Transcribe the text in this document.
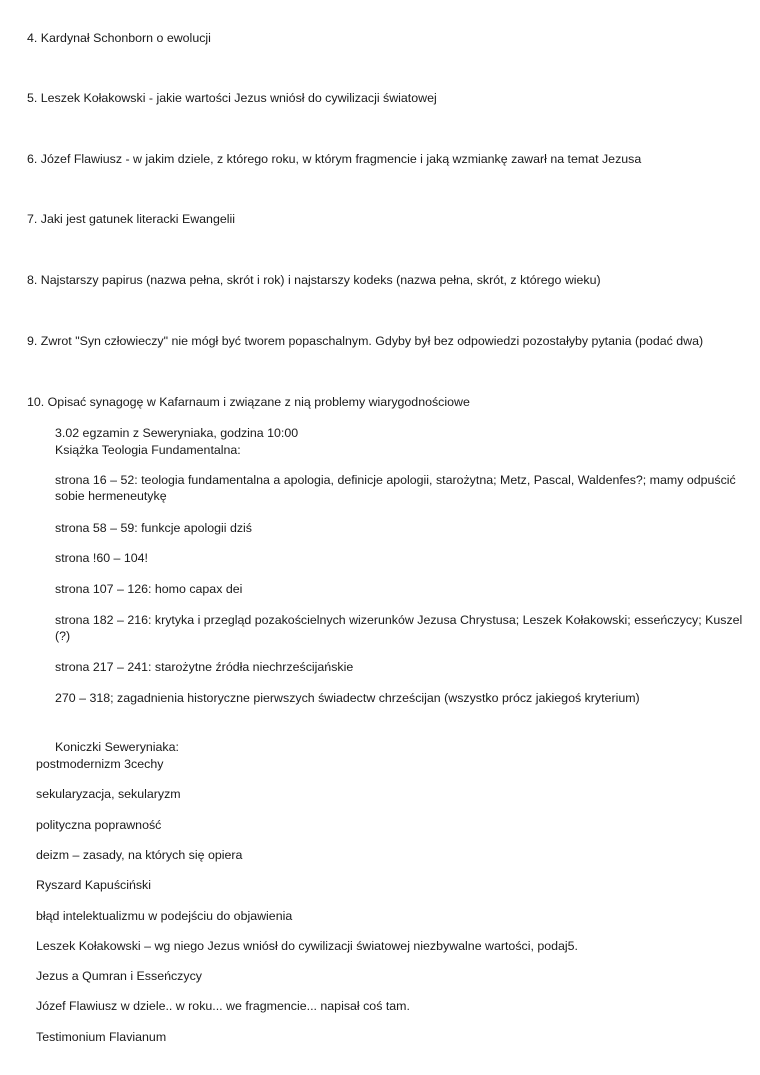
4. Kardynał Schonborn o ewolucji
5. Leszek Kołakowski - jakie wartości Jezus wniósł do cywilizacji światowej
6. Józef Flawiusz - w jakim dziele, z którego roku, w którym fragmencie i jaką wzmiankę zawarł na temat Jezusa
7. Jaki jest gatunek literacki Ewangelii
8. Najstarszy papirus (nazwa pełna, skrót i rok) i najstarszy kodeks (nazwa pełna, skrót, z którego wieku)
9. Zwrot "Syn człowieczy" nie mógł być tworem popaschalnym. Gdyby był bez odpowiedzi pozostałyby pytania (podać dwa)
10. Opisać synagogę w Kafarnaum i związane z nią problemy wiarygodnościowe
3.02 egzamin z Seweryniaka, godzina 10:00
Książka Teologia Fundamentalna:
strona 16 – 52: teologia fundamentalna a apologia, definicje apologii, starożytna; Metz, Pascal, Waldenfes?; mamy odpuścić sobie hermeneutykę
strona 58 – 59: funkcje apologii dziś
strona !60 – 104!
strona 107 – 126: homo capax dei
strona 182 – 216: krytyka i przegląd pozakościelnych wizerunków Jezusa Chrystusa; Leszek Kołakowski; esseńczycy; Kuszel (?)
strona 217 – 241: starożytne źródła niechrześcijańskie
270 – 318; zagadnienia historyczne pierwszych świadectw chrześcijan (wszystko prócz jakiegoś kryterium)
Koniczki Seweryniaka:
postmodernizm 3cechy
sekularyzacja, sekularyzm
polityczna poprawność
deizm – zasady, na których się opiera
Ryszard Kapuściński
błąd intelektualizmu w podejściu do objawienia
Leszek Kołakowski – wg niego Jezus wniósł do cywilizacji światowej niezbywalne wartości, podaj5.
Jezus a Qumran i Esseńczycy
Józef Flawiusz w dziele.. w roku... we fragmencie... napisał coś tam.
Testimonium Flavianum
